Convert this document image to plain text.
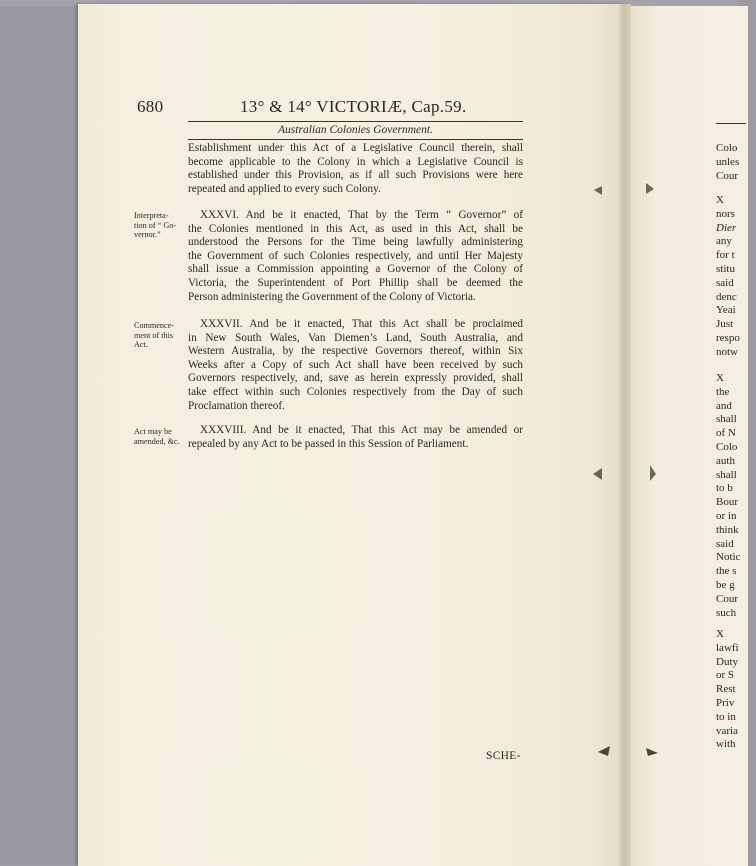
680	13° & 14° VICTORIÆ, Cap.59.
Australian Colonies Government.
Establishment under this Act of a Legislative Council therein, shall
become applicable to the Colony in which a Legislative Council is
established under this Provision, as if all such Provisions were here
repeated and applied to every such Colony.
Interpreta-
tion of “ Go-
vernor.”
XXXVI. And be it enacted, That by the Term “ Governor” of
the Colonies mentioned in this Act, as used in this Act, shall be
understood the Persons for the Time being lawfully administering
the Government of such Colonies respectively, and until Her Majesty
shall issue a Commission appointing a Governor of the Colony of
Victoria, the Superintendent of Port Phillip shall be deemed the
Person administering the Government of the Colony of Victoria.
Commence-
ment of this
Act.
XXXVII. And be it enacted, That this Act shall be proclaimed
in New South Wales, Van Diemen’s Land, South Australia, and
Western Australia, by the respective Governors thereof, within Six
Weeks after a Copy of such Act shall have been received by such
Governors respectively, and, save as herein expressly provided, shall
take effect within such Colonies respectively from the Day of such
Proclamation thereof.
Act may be
amended, &c.
XXXVIII. And be it enacted, That this Act may be amended or
repealed by any Act to be passed in this Session of Parliament.
SCHE-
Colo
unles
Cour
X
nors
Dier
any
for t
stitu
said
denc
Yeai
Just
respo
notw
X
the
and
shall
of N
Colo
auth
shall
to b
Bour
or in
think
said
Notic
the s
be g
Cour
such
X
lawfi
Duty
or S
Rest
Priv
to in
varia
with
